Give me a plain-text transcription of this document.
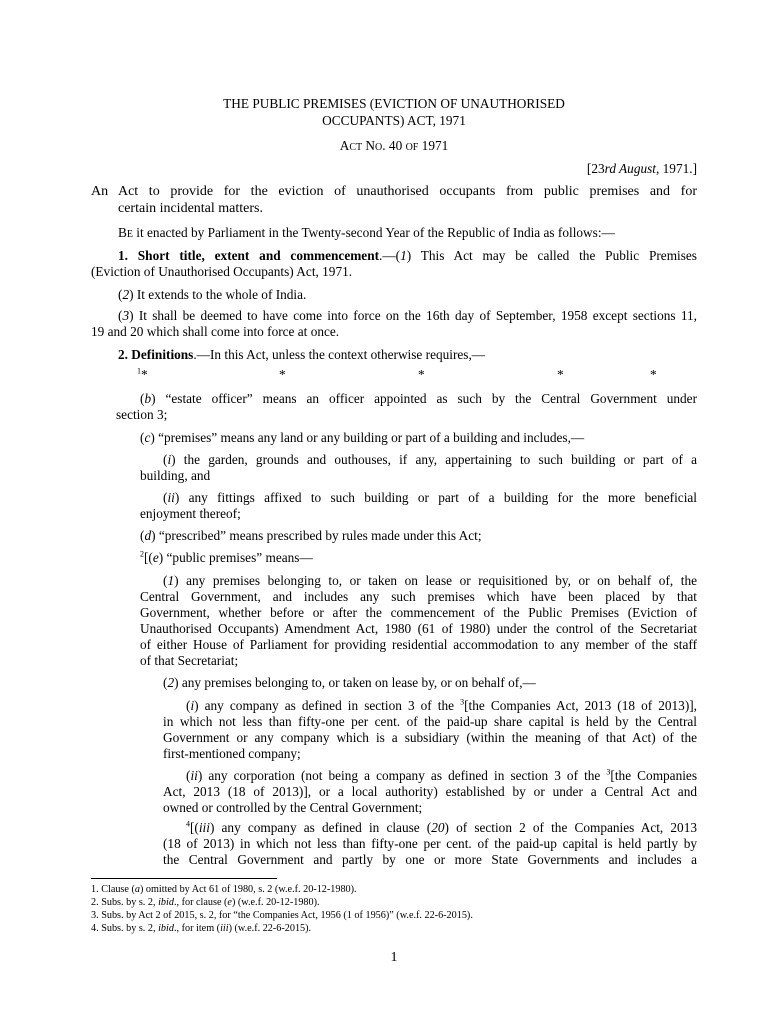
THE PUBLIC PREMISES (EVICTION OF UNAUTHORISED
OCCUPANTS) ACT, 1971
ACT NO. 40 OF 1971
[23rd August, 1971.]
An Act to provide for the eviction of unauthorised occupants from public premises and for
certain incidental matters.
BE it enacted by Parliament in the Twenty-second Year of the Republic of India as follows:—
1. Short title, extent and commencement.—(1) This Act may be called the Public Premises
(Eviction of Unauthorised Occupants) Act, 1971.
(2) It extends to the whole of India.
(3) It shall be deemed to have come into force on the 16th day of September, 1958 except sections 11,
19 and 20 which shall come into force at once.
2. Definitions.—In this Act, unless the context otherwise requires,—
$^1$*	*	*	*	*
(b) “estate officer” means an officer appointed as such by the Central Government under
section 3;
(c) “premises” means any land or any building or part of a building and includes,—
(i) the garden, grounds and outhouses, if any, appertaining to such building or part of a
building, and
(ii) any fittings affixed to such building or part of a building for the more beneficial
enjoyment thereof;
(d) “prescribed” means prescribed by rules made under this Act;
$^2$[(e) “public premises” means—
(1) any premises belonging to, or taken on lease or requisitioned by, or on behalf of, the
Central Government, and includes any such premises which have been placed by that
Government, whether before or after the commencement of the Public Premises (Eviction of
Unauthorised Occupants) Amendment Act, 1980 (61 of 1980) under the control of the Secretariat
of either House of Parliament for providing residential accommodation to any member of the staff
of that Secretariat;
(2) any premises belonging to, or taken on lease by, or on behalf of,—
(i) any company as defined in section 3 of the $^3$[the Companies Act, 2013 (18 of 2013)],
in which not less than fifty-one per cent. of the paid-up share capital is held by the Central
Government or any company which is a subsidiary (within the meaning of that Act) of the
first-mentioned company;
(ii) any corporation (not being a company as defined in section 3 of the $^3$[the Companies
Act, 2013 (18 of 2013)], or a local authority) established by or under a Central Act and
owned or controlled by the Central Government;
$^4$[(iii) any company as defined in clause (20) of section 2 of the Companies Act, 2013
(18 of 2013) in which not less than fifty-one per cent. of the paid-up capital is held partly by
the Central Government and partly by one or more State Governments and includes a
1. Clause (a) omitted by Act 61 of 1980, s. 2 (w.e.f. 20-12-1980).
2. Subs. by s. 2, ibid., for clause (e) (w.e.f. 20-12-1980).
3. Subs. by Act 2 of 2015, s. 2, for “the Companies Act, 1956 (1 of 1956)” (w.e.f. 22-6-2015).
4. Subs. by s. 2, ibid., for item (iii) (w.e.f. 22-6-2015).
1
